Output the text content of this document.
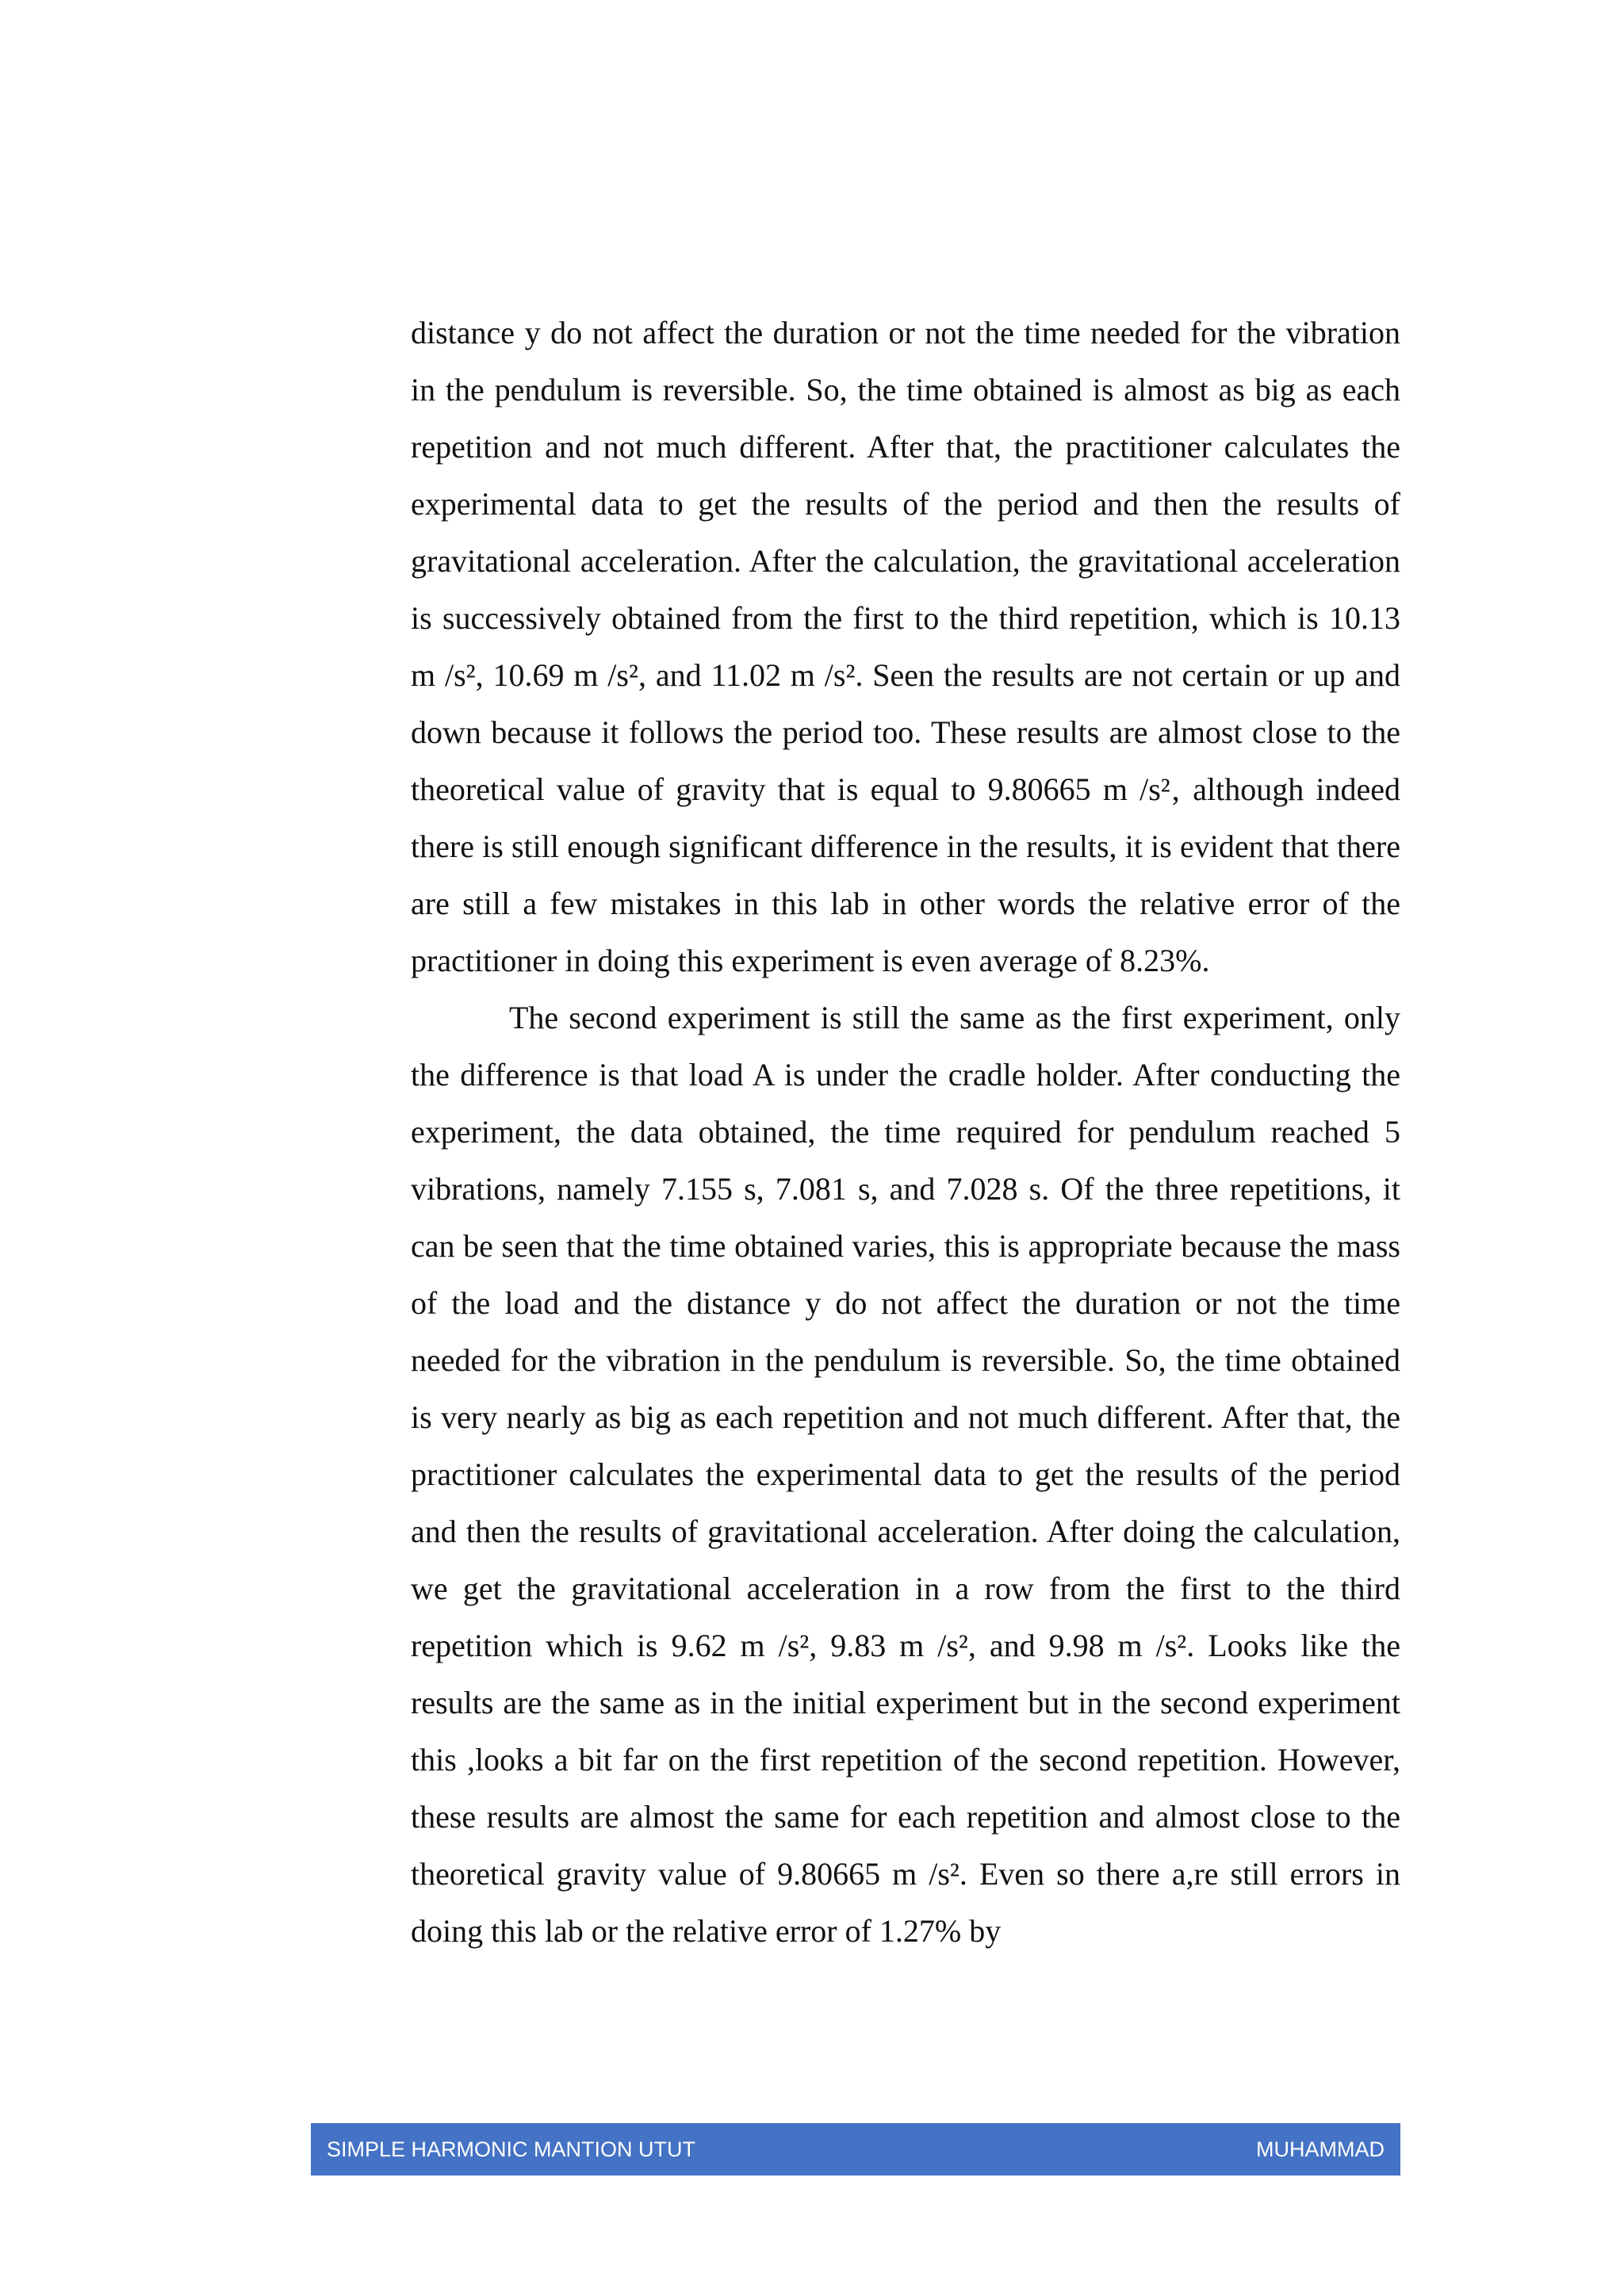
distance y do not affect the duration or not the time needed for the vibration in the pendulum is reversible. So, the time obtained is almost as big as each repetition and not much different. After that, the practitioner calculates the experimental data to get the results of the period and then the results of gravitational acceleration. After the calculation, the gravitational acceleration is successively obtained from the first to the third repetition, which is 10.13 m /s², 10.69 m /s², and 11.02 m /s². Seen the results are not certain or up and down because it follows the period too. These results are almost close to the theoretical value of gravity that is equal to 9.80665 m /s²‚ although indeed there is still enough significant difference in the results, it is evident that there are still a few mistakes in this lab in other words the relative error of the practitioner in doing this experiment is even average of 8.23%.

The second experiment is still the same as the first experiment, only the difference is that load A is under the cradle holder. After conducting the experiment, the data obtained, the time required for pendulum reached 5 vibrations, namely 7.155 s, 7.081 s, and 7.028 s. Of the three repetitions, it can be seen that the time obtained varies, this is appropriate because the mass of the load and the distance y do not affect the duration or not the time needed for the vibration in the pendulum is reversible. So, the time obtained is very nearly as big as each repetition and not much different. After that, the practitioner calculates the experimental data to get the results of the period and then the results of gravitational acceleration. After doing the calculation, we get the gravitational acceleration in a row from the first to the third repetition which is 9.62 m /s², 9.83 m /s², and 9.98 m /s². Looks like the results are the same as in the initial experiment but in the second experiment this ,looks a bit far on the first repetition of the second repetition. However, these results are almost the same for each repetition and almost close to the theoretical gravity value of 9.80665 m /s². Even so there a,re still errors in doing this lab or the relative error of 1.27% by

SIMPLE HARMONIC MANTION UTUT	MUHAMMAD
